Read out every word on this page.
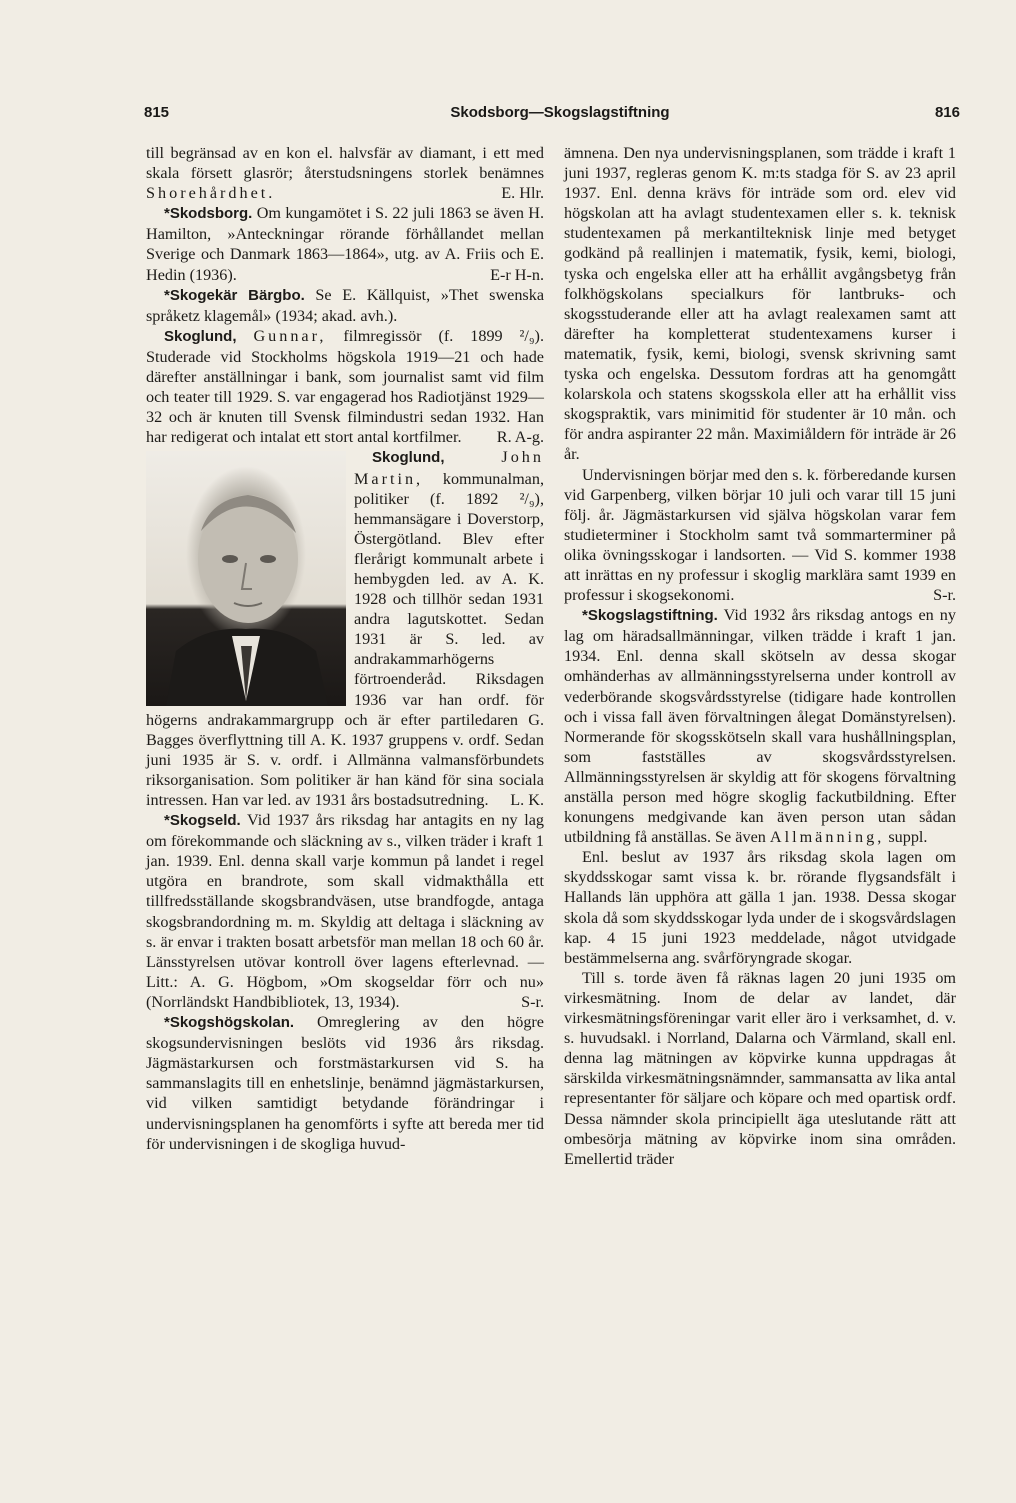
815	Skodsborg—Skogslagstiftning	816

till begränsad av en kon el. halvsfär av diamant, i ett med skala försett glasrör; återstudsningens storlek benämnes Shorehårdhet.	E. Hlr.

*Skodsborg. Om kungamötet i S. 22 juli 1863 se även H. Hamilton, »Anteckningar rörande förhållandet mellan Sverige och Danmark 1863—1864», utg. av A. Friis och E. Hedin (1936).	E-r H-n.

*Skogekär Bärgbo. Se E. Källquist, »Thet swenska språketz klagemål» (1934; akad. avh.).

Skoglund, Gunnar, filmregissör (f. 1899 ²/₉). Studerade vid Stockholms högskola 1919—21 och hade därefter anställningar i bank, som journalist samt vid film och teater till 1929. S. var engagerad hos Radiotjänst 1929—32 och är knuten till Svensk filmindustri sedan 1932. Han har redigerat och intalat ett stort antal kortfilmer.	R. A-g.

Skoglund,	John Martin, kommunalman, politiker (f. 1892 ²/₉), hemmansägare i Doverstorp, Östergötland. Blev efter flerårigt kommunalt arbete i hembygden led. av A. K. 1928 och tillhör sedan 1931 andra lagutskottet. Sedan 1931 är S. led. av andrakammarhögerns förtroenderåd. Riksdagen 1936 var han ordf. för högerns andrakammargrupp och är efter partiledaren G. Bagges överflyttning till A. K. 1937 gruppens v. ordf. Sedan juni 1935 är S. v. ordf. i Allmänna valmansförbundets riksorganisation. Som politiker är han känd för sina sociala intressen. Han var led. av 1931 års bostadsutredning.	L. K.

*Skogseld. Vid 1937 års riksdag har antagits en ny lag om förekommande och släckning av s., vilken träder i kraft 1 jan. 1939. Enl. denna skall varje kommun på landet i regel utgöra en brandrote, som skall vidmakthålla ett tillfredsställande skogsbrandväsen, utse brandfogde, antaga skogsbrandordning m. m. Skyldig att deltaga i släckning av s. är envar i trakten bosatt arbetsför man mellan 18 och 60 år. Länsstyrelsen utövar kontroll över lagens efterlevnad. — Litt.: A. G. Högbom, »Om skogseldar förr och nu» (Norrländskt Handbibliotek, 13, 1934).	S-r.

*Skogshögskolan. Omreglering av den högre skogsundervisningen beslöts vid 1936 års riksdag. Jägmästarkursen och forstmästarkursen vid S. ha sammanslagits till en enhetslinje, benämnd jägmästarkursen, vid vilken samtidigt betydande förändringar i undervisningsplanen ha genomförts i syfte att bereda mer tid för undervisningen i de skogliga huvud-

ämnena. Den nya undervisningsplanen, som trädde i kraft 1 juni 1937, regleras genom K. m:ts stadga för S. av 23 april 1937. Enl. denna krävs för inträde som ord. elev vid högskolan att ha avlagt studentexamen eller s. k. teknisk studentexamen på merkantilteknisk linje med betyget godkänd på reallinjen i matematik, fysik, kemi, biologi, tyska och engelska eller att ha erhållit avgångsbetyg från folkhögskolans specialkurs för lantbruks- och skogsstuderande eller att ha avlagt realexamen samt att därefter ha kompletterat studentexamens kurser i matematik, fysik, kemi, biologi, svensk skrivning samt tyska och engelska. Dessutom fordras att ha genomgått kolarskola och statens skogsskola eller att ha erhållit viss skogspraktik, vars minimitid för studenter är 10 mån. och för andra aspiranter 22 mån. Maximiåldern för inträde är 26 år.

Undervisningen börjar med den s. k. förberedande kursen vid Garpenberg, vilken börjar 10 juli och varar till 15 juni följ. år. Jägmästarkursen vid själva högskolan varar fem studieterminer i Stockholm samt två sommarterminer på olika övningsskogar i landsorten. — Vid S. kommer 1938 att inrättas en ny professur i skoglig marklära samt 1939 en professur i skogsekonomi.	S-r.

*Skogslagstiftning. Vid 1932 års riksdag antogs en ny lag om häradsallmänningar, vilken trädde i kraft 1 jan. 1934. Enl. denna skall skötseln av dessa skogar omhänderhas av allmänningsstyrelserna under kontroll av vederbörande skogsvårdsstyrelse (tidigare hade kontrollen och i vissa fall även förvaltningen ålegat Domänstyrelsen). Normerande för skogsskötseln skall vara hushållningsplan, som fastställes av skogsvårdsstyrelsen. Allmänningsstyrelsen är skyldig att för skogens förvaltning anställa person med högre skoglig fackutbildning. Efter konungens medgivande kan även person utan sådan utbildning få anställas. Se även Allmänning, suppl.

Enl. beslut av 1937 års riksdag skola lagen om skyddsskogar samt vissa k. br. rörande flygsandsfält i Hallands län upphöra att gälla 1 jan. 1938. Dessa skogar skola då som skyddsskogar lyda under de i skogsvårdslagen kap. 4 15 juni 1923 meddelade, något utvidgade bestämmelserna ang. svårföryngrade skogar.

Till s. torde även få räknas lagen 20 juni 1935 om virkesmätning. Inom de delar av landet, där virkesmätningsföreningar varit eller äro i verksamhet, d. v. s. huvudsakl. i Norrland, Dalarna och Värmland, skall enl. denna lag mätningen av köpvirke kunna uppdragas åt särskilda virkesmätningsnämnder, sammansatta av lika antal representanter för säljare och köpare och med opartisk ordf. Dessa nämnder skola principiellt äga uteslutande rätt att ombesörja mätning av köpvirke inom sina områden. Emellertid träder
